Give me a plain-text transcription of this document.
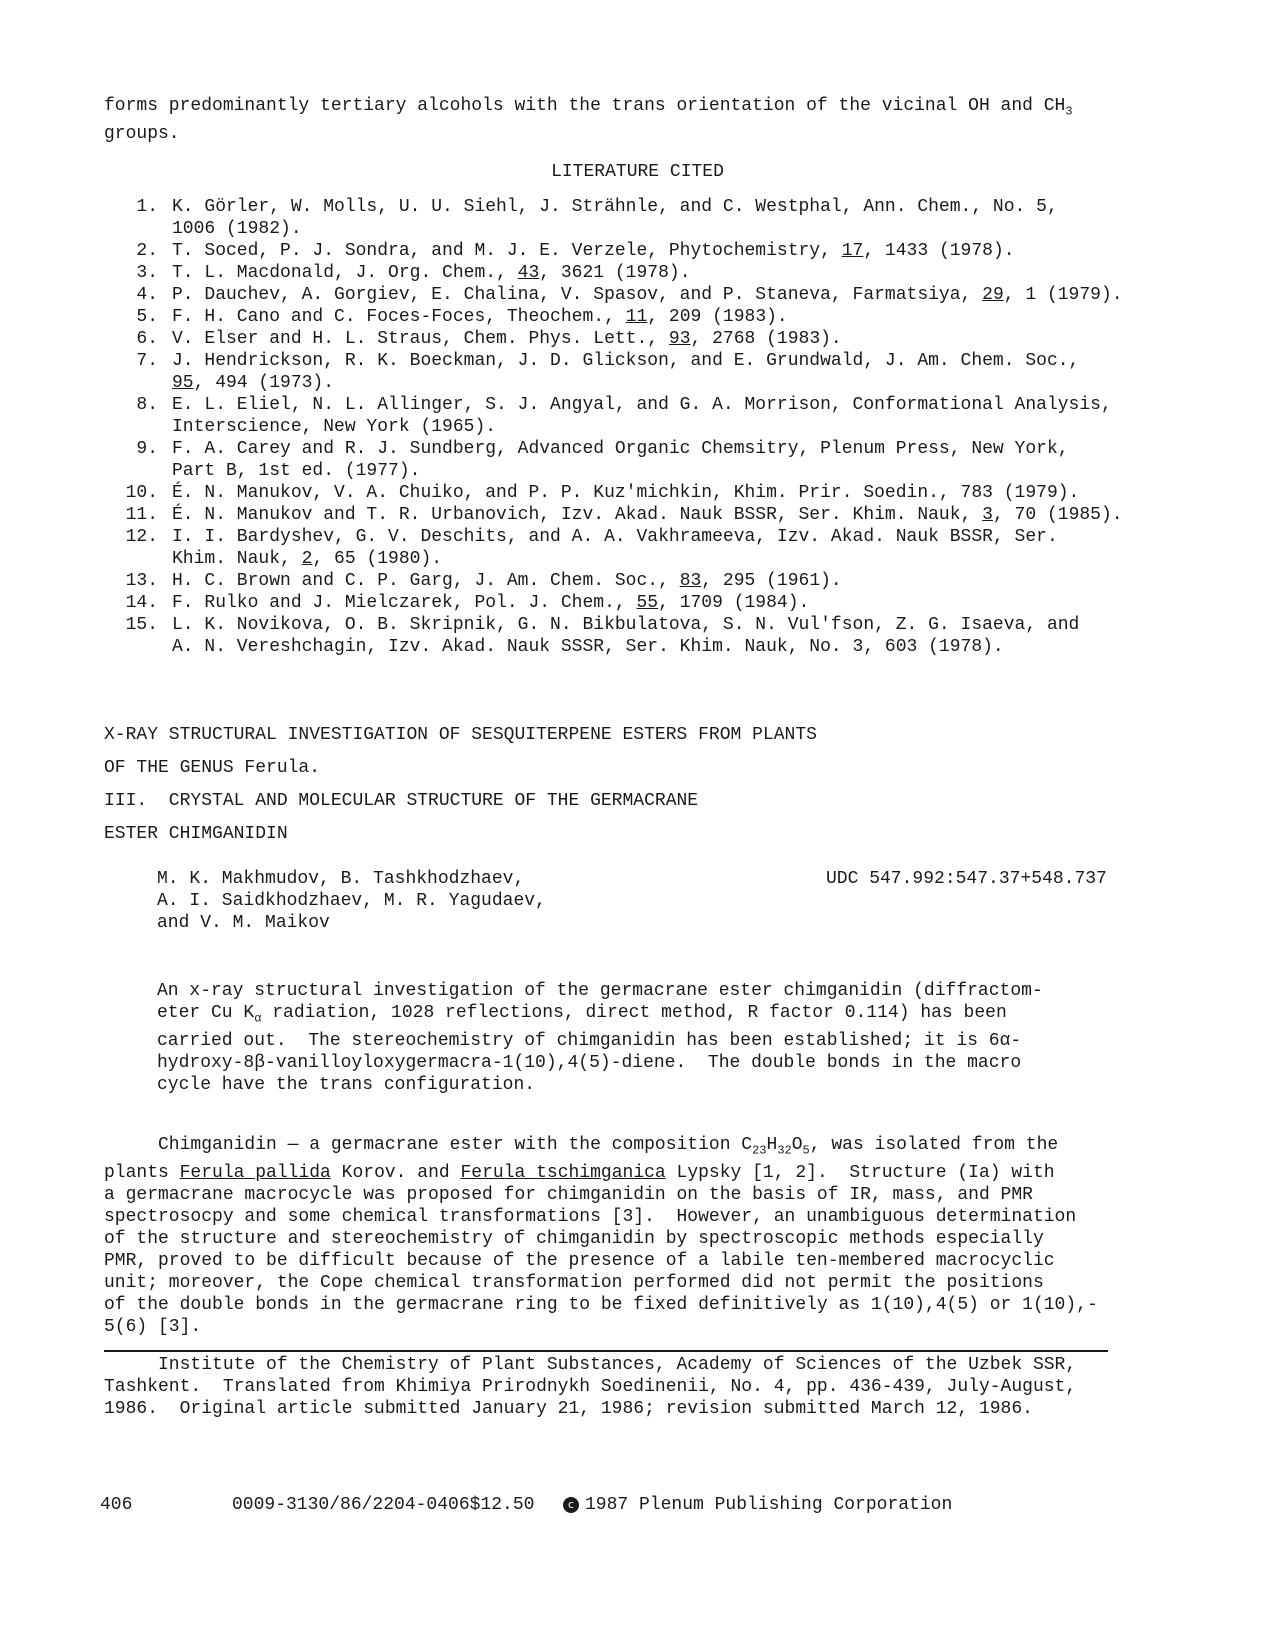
forms predominantly tertiary alcohols with the trans orientation of the vicinal OH and $CH_3$
groups.
LITERATURE CITED
1. K. Görler, W. Molls, U. U. Siehl, J. Strähnle, and C. Westphal, Ann. Chem., No. 5,
1006 (1982).
2. T. Soced, P. J. Sondra, and M. J. E. Verzele, Phytochemistry, 17, 1433 (1978).
3. T. L. Macdonald, J. Org. Chem., 43, 3621 (1978).
4. P. Dauchev, A. Gorgiev, E. Chalina, V. Spasov, and P. Staneva, Farmatsiya, 29, 1 (1979).
5. F. H. Cano and C. Foces-Foces, Theochem., 11, 209 (1983).
6. V. Elser and H. L. Straus, Chem. Phys. Lett., 93, 2768 (1983).
7. J. Hendrickson, R. K. Boeckman, J. D. Glickson, and E. Grundwald, J. Am. Chem. Soc.,
95, 494 (1973).
8. E. L. Eliel, N. L. Allinger, S. J. Angyal, and G. A. Morrison, Conformational Analysis,
Interscience, New York (1965).
9. F. A. Carey and R. J. Sundberg, Advanced Organic Chemsitry, Plenum Press, New York,
Part B, 1st ed. (1977).
10. É. N. Manukov, V. A. Chuiko, and P. P. Kuz'michkin, Khim. Prir. Soedin., 783 (1979).
11. É. N. Manukov and T. R. Urbanovich, Izv. Akad. Nauk BSSR, Ser. Khim. Nauk, 3, 70 (1985).
12. I. I. Bardyshev, G. V. Deschits, and A. A. Vakhrameeva, Izv. Akad. Nauk BSSR, Ser.
Khim. Nauk, 2, 65 (1980).
13. H. C. Brown and C. P. Garg, J. Am. Chem. Soc., 83, 295 (1961).
14. F. Rulko and J. Mielczarek, Pol. J. Chem., 55, 1709 (1984).
15. L. K. Novikova, O. B. Skripnik, G. N. Bikbulatova, S. N. Vul'fson, Z. G. Isaeva, and
A. N. Vereshchagin, Izv. Akad. Nauk SSSR, Ser. Khim. Nauk, No. 3, 603 (1978).
X-RAY STRUCTURAL INVESTIGATION OF SESQUITERPENE ESTERS FROM PLANTS
OF THE GENUS Ferula.
III.  CRYSTAL AND MOLECULAR STRUCTURE OF THE GERMACRANE
ESTER CHIMGANIDIN
M. K. Makhmudov, B. Tashkhodzhaev,
A. I. Saidkhodzhaev, M. R. Yagudaev,
and V. M. Maikov
UDC 547.992:547.37+548.737
An x-ray structural investigation of the germacrane ester chimganidin (diffractom-
eter Cu $K_\alpha$ radiation, 1028 reflections, direct method, R factor 0.114) has been
carried out.  The stereochemistry of chimganidin has been established; it is 6α-
hydroxy-8β-vanilloyloxygermacra-1(10),4(5)-diene.  The double bonds in the macro
cycle have the trans configuration.
Chimganidin — a germacrane ester with the composition $C_{23}H_{32}O_5$, was isolated from the
plants Ferula pallida Korov. and Ferula tschimganica Lypsky [1, 2].  Structure (Ia) with
a germacrane macrocycle was proposed for chimganidin on the basis of IR, mass, and PMR
spectrosocpy and some chemical transformations [3].  However, an unambiguous determination
of the structure and stereochemistry of chimganidin by spectroscopic methods especially
PMR, proved to be difficult because of the presence of a labile ten-membered macrocyclic
unit; moreover, the Cope chemical transformation performed did not permit the positions
of the double bonds in the germacrane ring to be fixed definitively as 1(10),4(5) or 1(10),-
5(6) [3].
Institute of the Chemistry of Plant Substances, Academy of Sciences of the Uzbek SSR,
Tashkent.  Translated from Khimiya Prirodnykh Soedinenii, No. 4, pp. 436-439, July-August,
1986.  Original article submitted January 21, 1986; revision submitted March 12, 1986.
406	0009-3130/86/2204-0406$12.50	c 1987 Plenum Publishing Corporation
